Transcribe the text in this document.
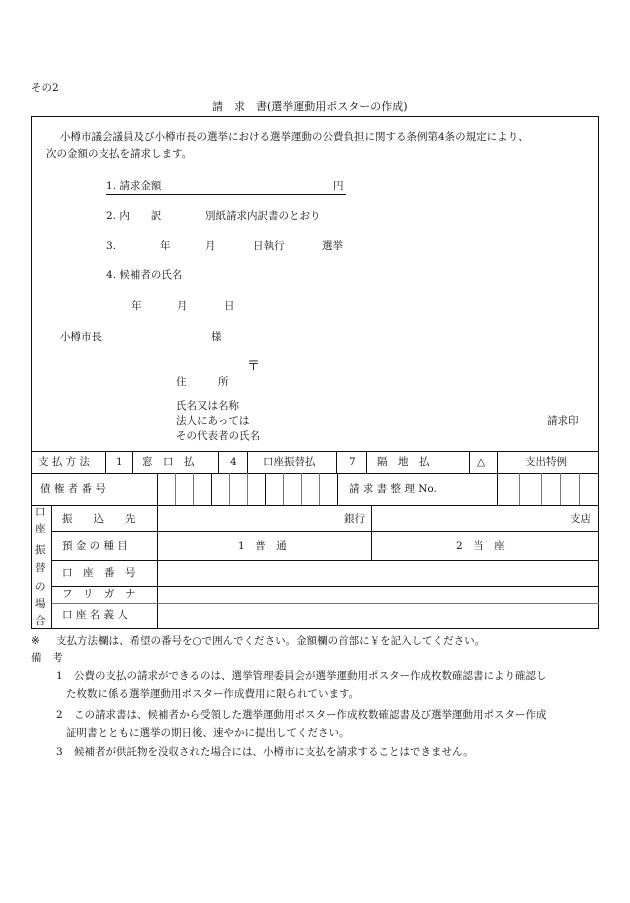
その2
請　求　書(選挙運動用ポスターの作成)
小樽市議会議員及び小樽市長の選挙における選挙運動の公費負担に関する条例第4条の規定により、
次の金額の支払を請求します。
1. 請求金額	円
2. 内　　訳	別紙請求内訳書のとおり
3.	年	月	日執行	選挙
4. 候補者の氏名
年	月	日
小樽市長	様
〒
住　　　所
氏名又は名称
法人にあっては
その代表者の氏名
請求印
支 払 方 法 1 窓　口　払	4	口座振替払	7 隔　地　払	△	支出特例
債 権 者 番 号	請 求 書 整 理 No.
口
座
振
替
の
場
合
振　　込　　先	銀行	支店
預 金 の 種 目	1　普　通	2　当　座
口　座　番　号
フ　リ　ガ　ナ
口 座 名 義 人
※ 支払方法欄は、希望の番号を○で囲んでください。金額欄の首部に￥を記入してください。
備　考
1 公費の支払の請求ができるのは、選挙管理委員会が選挙運動用ポスター作成枚数確認書により確認し
た枚数に係る選挙運動用ポスター作成費用に限られています。
2 この請求書は、候補者から受領した選挙運動用ポスター作成枚数確認書及び選挙運動用ポスター作成
証明書とともに選挙の期日後、速やかに提出してください。
3 候補者が供託物を没収された場合には、小樽市に支払を請求することはできません。
